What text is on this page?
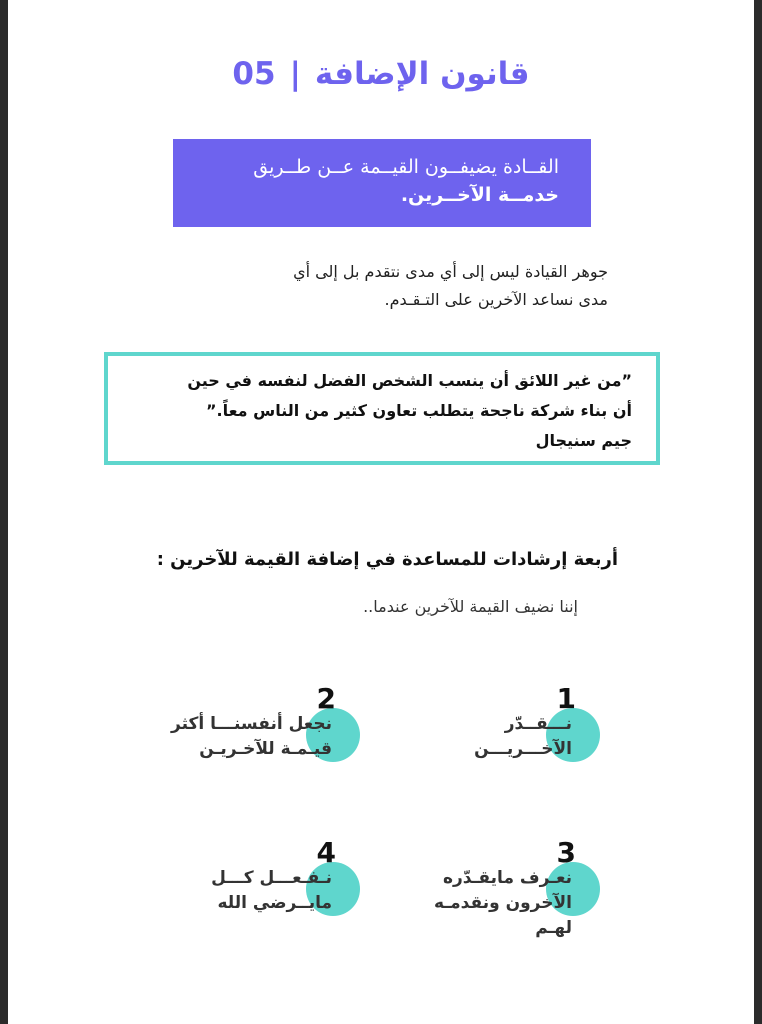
قانون الإضافة|05
القــادة يضيفــون القيــمة عــن طــريق
خدمــة الآخــرين.
جوهر القيادة ليس إلى أي مدى نتقدم بل إلى أي
مدى نساعد الآخرين على التـقـدم.
”من غير اللائق أن ينسب الشخص الفضل لنفسه في حين
أن بناء شركة ناجحة يتطلب تعاون كثير من الناس معاً.”
جيم سنيجال
أربعة إرشادات للمساعدة في إضافة القيمة للآخرين :
إننا نضيف القيمة للآخرين عندما..
1
نـــقــدّر
الآخـــريـــن
2
نجعل أنفسنـــا أكثر
قيـمـة للآخـريـن
3
نعـرف مايقـدّره
الآخرون ونقدمـه
لهـم
4
نـفـعـــل كـــل
مايــرضي الله
